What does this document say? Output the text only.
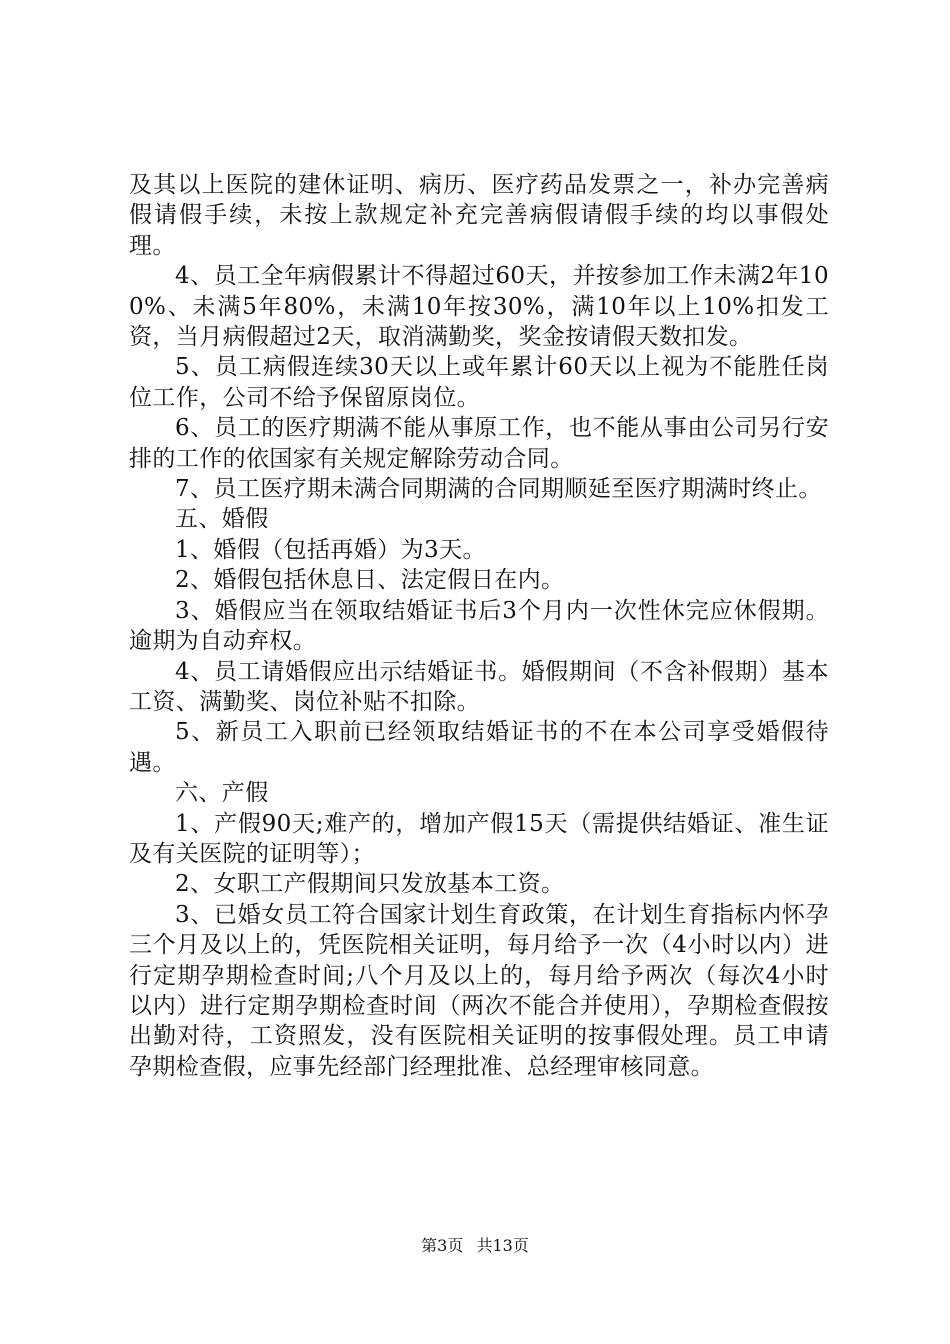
及其以上医院的建休证明、病历、医疗药品发票之一，补办完善病假请假手续，未按上款规定补充完善病假请假手续的均以事假处理。

4、员工全年病假累计不得超过60天，并按参加工作未满2年100%、未满5年80%，未满10年按30%，满10年以上10%扣发工资，当月病假超过2天，取消满勤奖，奖金按请假天数扣发。

5、员工病假连续30天以上或年累计60天以上视为不能胜任岗位工作，公司不给予保留原岗位。

6、员工的医疗期满不能从事原工作，也不能从事由公司另行安排的工作的依国家有关规定解除劳动合同。

7、员工医疗期未满合同期满的合同期顺延至医疗期满时终止。

五、婚假

1、婚假（包括再婚）为3天。

2、婚假包括休息日、法定假日在内。

3、婚假应当在领取结婚证书后3个月内一次性休完应休假期。逾期为自动弃权。

4、员工请婚假应出示结婚证书。婚假期间（不含补假期）基本工资、满勤奖、岗位补贴不扣除。

5、新员工入职前已经领取结婚证书的不在本公司享受婚假待遇。

六、产假

1、产假90天;难产的，增加产假15天（需提供结婚证、准生证及有关医院的证明等）；

2、女职工产假期间只发放基本工资。

3、已婚女员工符合国家计划生育政策，在计划生育指标内怀孕三个月及以上的，凭医院相关证明，每月给予一次（4小时以内）进行定期孕期检查时间;八个月及以上的，每月给予两次（每次4小时以内）进行定期孕期检查时间（两次不能合并使用），孕期检查假按出勤对待，工资照发，没有医院相关证明的按事假处理。员工申请孕期检查假，应事先经部门经理批准、总经理审核同意。

第3页 共13页
